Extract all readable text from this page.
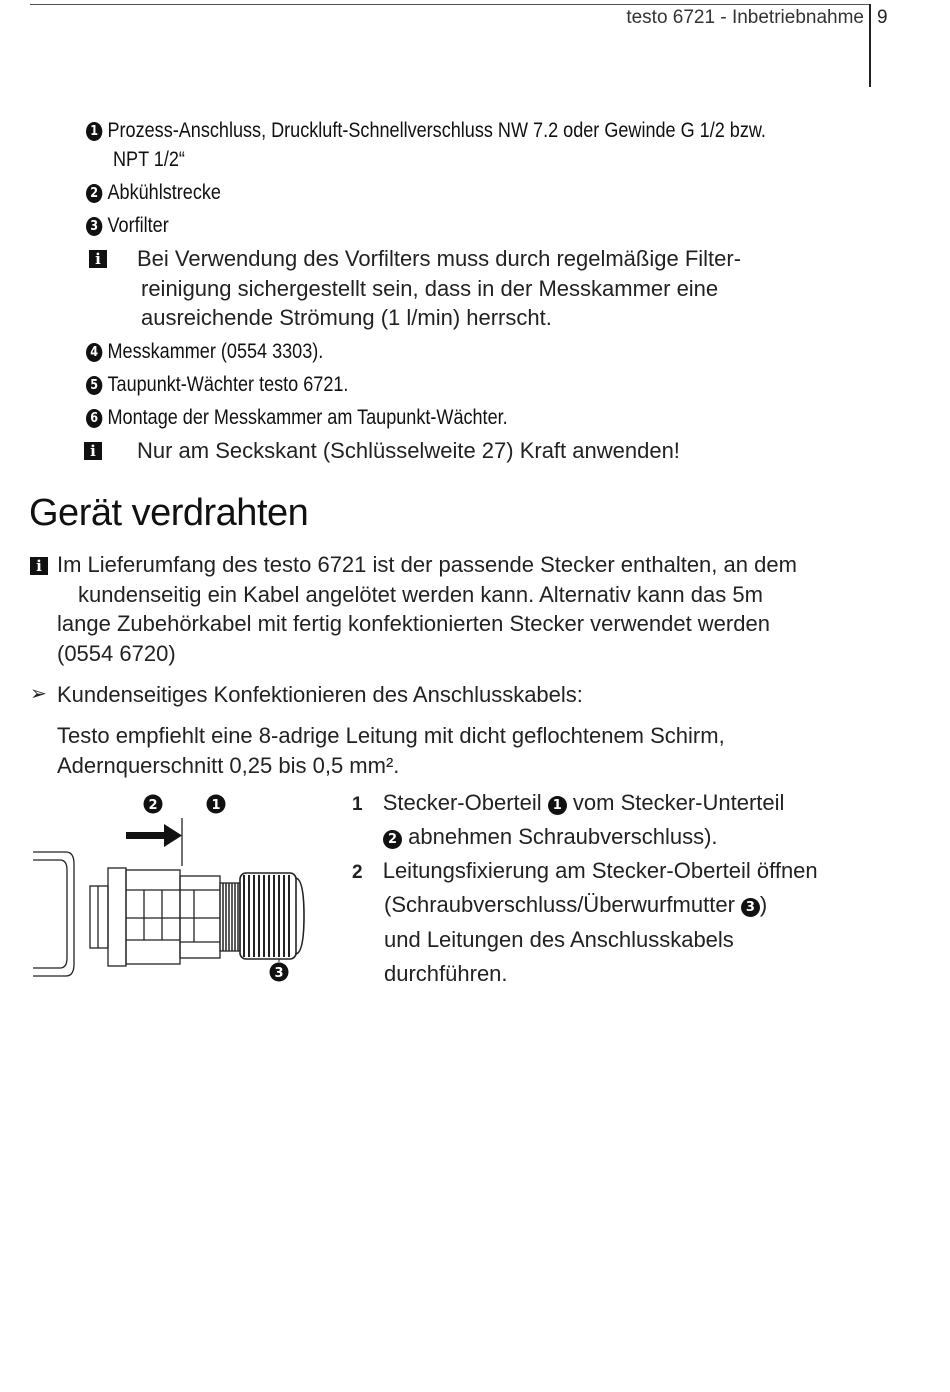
testo 6721 - Inbetriebnahme 9
1 Prozess-Anschluss, Druckluft-Schnellverschluss NW 7.2 oder Gewinde G 1/2 bzw.
NPT 1/2“
2 Abkühlstrecke
3 Vorfilter
i Bei Verwendung des Vorfilters muss durch regelmäßige Filter-
reinigung sichergestellt sein, dass in der Messkammer eine
ausreichende Strömung (1 l/min) herrscht.
4 Messkammer (0554 3303).
5 Taupunkt-Wächter testo 6721.
6 Montage der Messkammer am Taupunkt-Wächter.
i Nur am Seckskant (Schlüsselweite 27) Kraft anwenden!
Gerät verdrahten
i Im Lieferumfang des testo 6721 ist der passende Stecker enthalten, an dem
kundenseitig ein Kabel angelötet werden kann. Alternativ kann das 5m
lange Zubehörkabel mit fertig konfektionierten Stecker verwendet werden
(0554 6720)
➢ Kundenseitiges Konfektionieren des Anschlusskabels:
Testo empfiehlt eine 8-adrige Leitung mit dicht geflochtenem Schirm,
Adernquerschnitt 0,25 bis 0,5 mm².
2	1
3
1 Stecker-Oberteil 1 vom Stecker-Unterteil
2 abnehmen Schraubverschluss).
2 Leitungsfixierung am Stecker-Oberteil öffnen
(Schraubverschluss/Überwurfmutter 3 )
und Leitungen des Anschlusskabels
durchführen.
